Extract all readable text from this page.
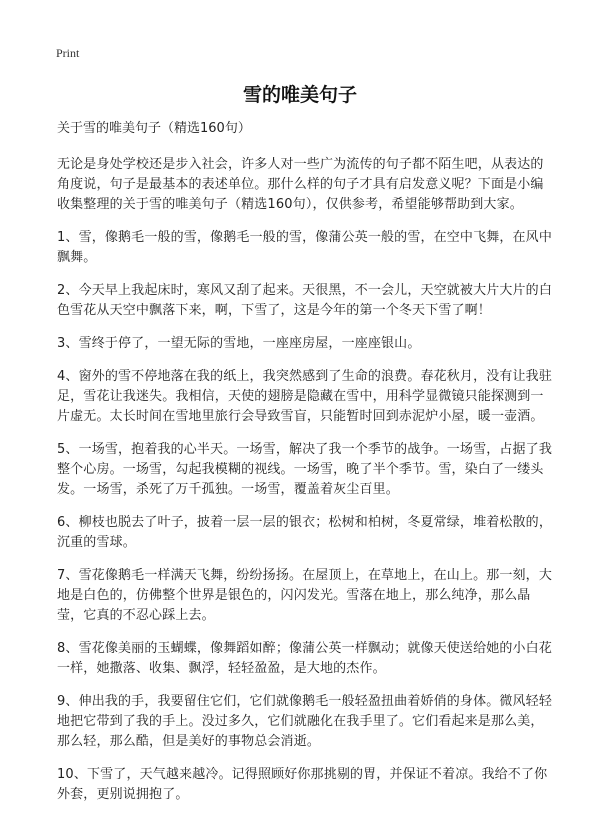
Print
雪的唯美句子

关于雪的唯美句子（精选160句）

无论是身处学校还是步入社会，许多人对一些广为流传的句子都不陌生吧，从表达的角度说，句子是最基本的表述单位。那什么样的句子才具有启发意义呢？下面是小编收集整理的关于雪的唯美句子（精选160句），仅供参考，希望能够帮助到大家。

1、雪，像鹅毛一般的雪，像鹅毛一般的雪，像蒲公英一般的雪，在空中飞舞，在风中飘舞。

2、今天早上我起床时，寒风又刮了起来。天很黑，不一会儿，天空就被大片大片的白色雪花从天空中飘落下来，啊，下雪了，这是今年的第一个冬天下雪了啊！

3、雪终于停了，一望无际的雪地，一座座房屋，一座座银山。

4、窗外的雪不停地落在我的纸上，我突然感到了生命的浪费。春花秋月，没有让我驻足，雪花让我迷失。我相信，天使的翅膀是隐藏在雪中，用科学显微镜只能探测到一片虚无。太长时间在雪地里旅行会导致雪盲，只能暂时回到赤泥炉小屋，暖一壶酒。

5、一场雪，抱着我的心半天。一场雪，解决了我一个季节的战争。一场雪，占据了我整个心房。一场雪，勾起我模糊的视线。一场雪，晚了半个季节。雪，染白了一缕头发。一场雪，杀死了万千孤独。一场雪，覆盖着灰尘百里。

6、柳枝也脱去了叶子，披着一层一层的银衣；松树和柏树，冬夏常绿，堆着松散的，沉重的雪球。

7、雪花像鹅毛一样满天飞舞，纷纷扬扬。在屋顶上，在草地上，在山上。那一刻，大地是白色的，仿佛整个世界是银色的，闪闪发光。雪落在地上，那么纯净，那么晶莹，它真的不忍心踩上去。

8、雪花像美丽的玉蝴蝶，像舞蹈如醉；像蒲公英一样飘动；就像天使送给她的小白花一样，她撒落、收集、飘浮，轻轻盈盈，是大地的杰作。

9、伸出我的手，我要留住它们，它们就像鹅毛一般轻盈扭曲着娇俏的身体。微风轻轻地把它带到了我的手上。没过多久，它们就融化在我手里了。它们看起来是那么美，那么轻，那么酷，但是美好的事物总会消逝。

10、下雪了，天气越来越冷。记得照顾好你那挑剔的胃，并保证不着凉。我给不了你外套，更别说拥抱了。
